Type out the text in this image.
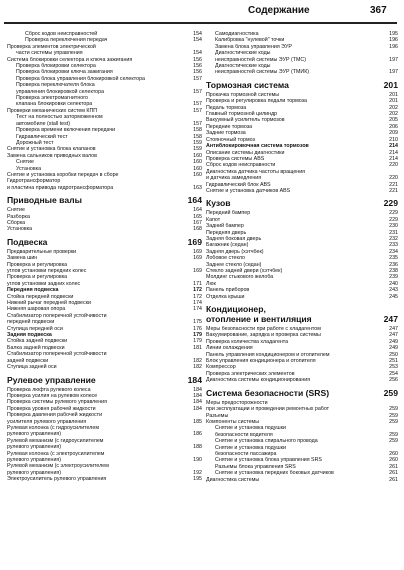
Содержание	367
Сброс кодов неисправностей	154
Проверка переключения передач	154
Проверка элементов электрической
части системы управления	154
Система блокировки селектора и ключа зажигания	156
Проверка блокировки селектора	156
Проверка блокировки ключа зажигания	156
Проверка блока управления блокировкой селектора	157
Проверка переключателя блока
управления блокировкой селектора	157
Проверка электромагнитного
клапана блокировки селектора	157
Проверки механических систем КПП	157
Тест на полностью заторможенном
автомобиле (stall test)	157
Проверка времени включения передачи	158
Гидравлический тест	158
Дорожный тест	159
Снятие и установка блока клапанов	159
Замена сальников приводных валов	160
Снятие	160
Установка	160
Снятие и установка коробки передач в сборе	160
Гидротрансформатор
и пластина привода гидротрансформатора	163
Приводные валы	164
Снятие	164
Разборка	165
Сборка	167
Установка	168
Подвеска	169
Предварительные проверки	169
Замена шин	169
Проверка и регулировка
углов установки передних колес	169
Проверка и регулировка
углов установки задних колес	171
Передняя подвеска	172
Стойка передней подвески	172
Нижний рычаг передней подвески	174
Нижняя шаровая опора	174
Стабилизатор поперечной устойчивости
передней подвески	175
Ступица передней оси	176
Задняя подвеска	179
Стойка задней подвески	179
Балка задней подвески	181
Стабилизатор поперечной устойчивости
задней подвески	182
Ступица задней оси	182
Рулевое управление	184
Проверка люфта рулевого колеса	184
Проверка усилия на рулевом колесе	184
Проверка системы рулевого управления	184
Проверка уровня рабочей жидкости	184
Проверка давления рабочей жидкости
усилителя рулевого управления	185
Рулевая колонка (с гидроусилителем
рулевого управления)	186
Рулевой механизм (с гидроусилителем
рулевого управления)	188
Рулевая колонка (с электроусилителем
рулевого управления)	190
Рулевой механизм (с электроусилителем
рулевого управления)	192
Электроусилитель рулевого управления	195
Самодиагностика	195
Калибровка "нулевой" точки	196
Замена блока управления ЭУР	196
Диагностические коды
неисправностей системы ЭУР (ТМС)	197
Диагностические коды
неисправностей системы ЭУР (ТМИК)	197
Тормозная система	201
Прокачка тормозной системы	201
Проверка и регулировка педали тормоза	201
Педаль тормоза	202
Главный тормозной цилиндр	202
Вакуумный усилитель тормозов	205
Передние тормоза	206
Задние тормоза	209
Стояночный тормоз	210
Антиблокировочная система тормозов	214
Описание системы диагностики	214
Проверка системы ABS	214
Сброс кодов неисправности	220
Диагностика датчика частоты вращения
и датчика замедления	220
Гидравлический блок ABS	221
Снятие и установка датчиков ABS	221
Кузов	229
Передний бампер	229
Капот	229
Задний бампер	230
Передняя дверь	231
Задняя боковая дверь	232
Багажник (седан)	233
Задняя дверь (хэтчбек)	234
Лобовое стекло	235
Заднее стекло (седан)	236
Стекло задней двери (хэтчбек)	238
Молдинг стыкового желоба	239
Люк	240
Панель приборов	243
Отделка крыши	245
Кондиционер,
отопление и вентиляция	247
Меры безопасности при работе с хладагентом	247
Вакуумирование, зарядка и проверка системы	247
Проверка количества хладагента	249
Линии охлаждения	249
Панель управления кондиционером и отопителем	250
Блок управления кондиционера и отопителя	251
Компрессор	253
Проверка электрических элементов	254
Диагностика системы кондиционирования	256
Система безопасности (SRS)	259
Меры предосторожности
при эксплуатации и проведении ремонтных работ	259
Разъемы	259
Компоненты системы	259
Снятие и установка подушки
безопасности водителя	259
Снятие и установка спирального провода	259
Снятие и установка подушки
безопасности пассажира	260
Снятие и установка блока управления SRS	260
Разъемы блока управления SRS	261
Снятие и установка передних боковых датчиков	261
Диагностика системы	261
